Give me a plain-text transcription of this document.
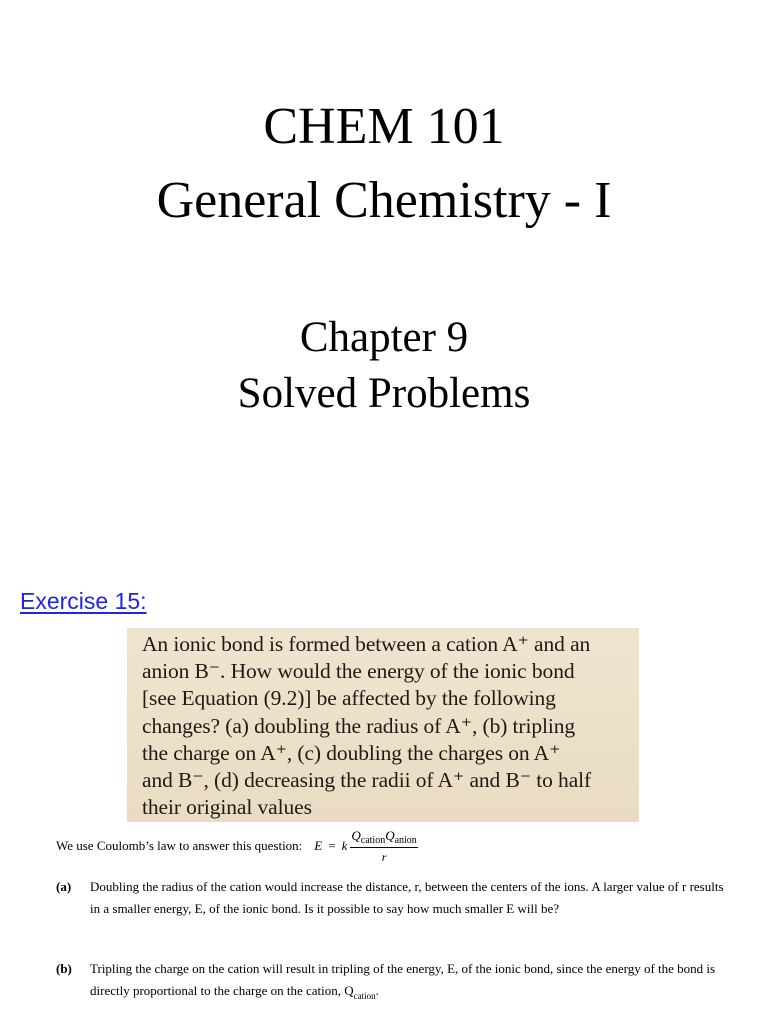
CHEM 101
General Chemistry - I
Chapter 9
Solved Problems
Exercise 15:
An ionic bond is formed between a cation A⁺ and an
anion B⁻. How would the energy of the ionic bond
[see Equation (9.2)] be affected by the following
changes? (a) doubling the radius of A⁺, (b) tripling
the charge on A⁺, (c) doubling the charges on A⁺
and B⁻, (d) decreasing the radii of A⁺ and B⁻ to half
their original values
We use Coulomb’s law to answer this question: E = k $\frac{Q_{cation}Q_{anion}}{r}$
(a) Doubling the radius of the cation would increase the distance, r, between the centers of the ions. A larger value of r results in a smaller energy, E, of the ionic bond. Is it possible to say how much smaller E will be?
(b) Tripling the charge on the cation will result in tripling of the energy, E, of the ionic bond, since the energy of the bond is directly proportional to the charge on the cation, $Q_{cation}$.
